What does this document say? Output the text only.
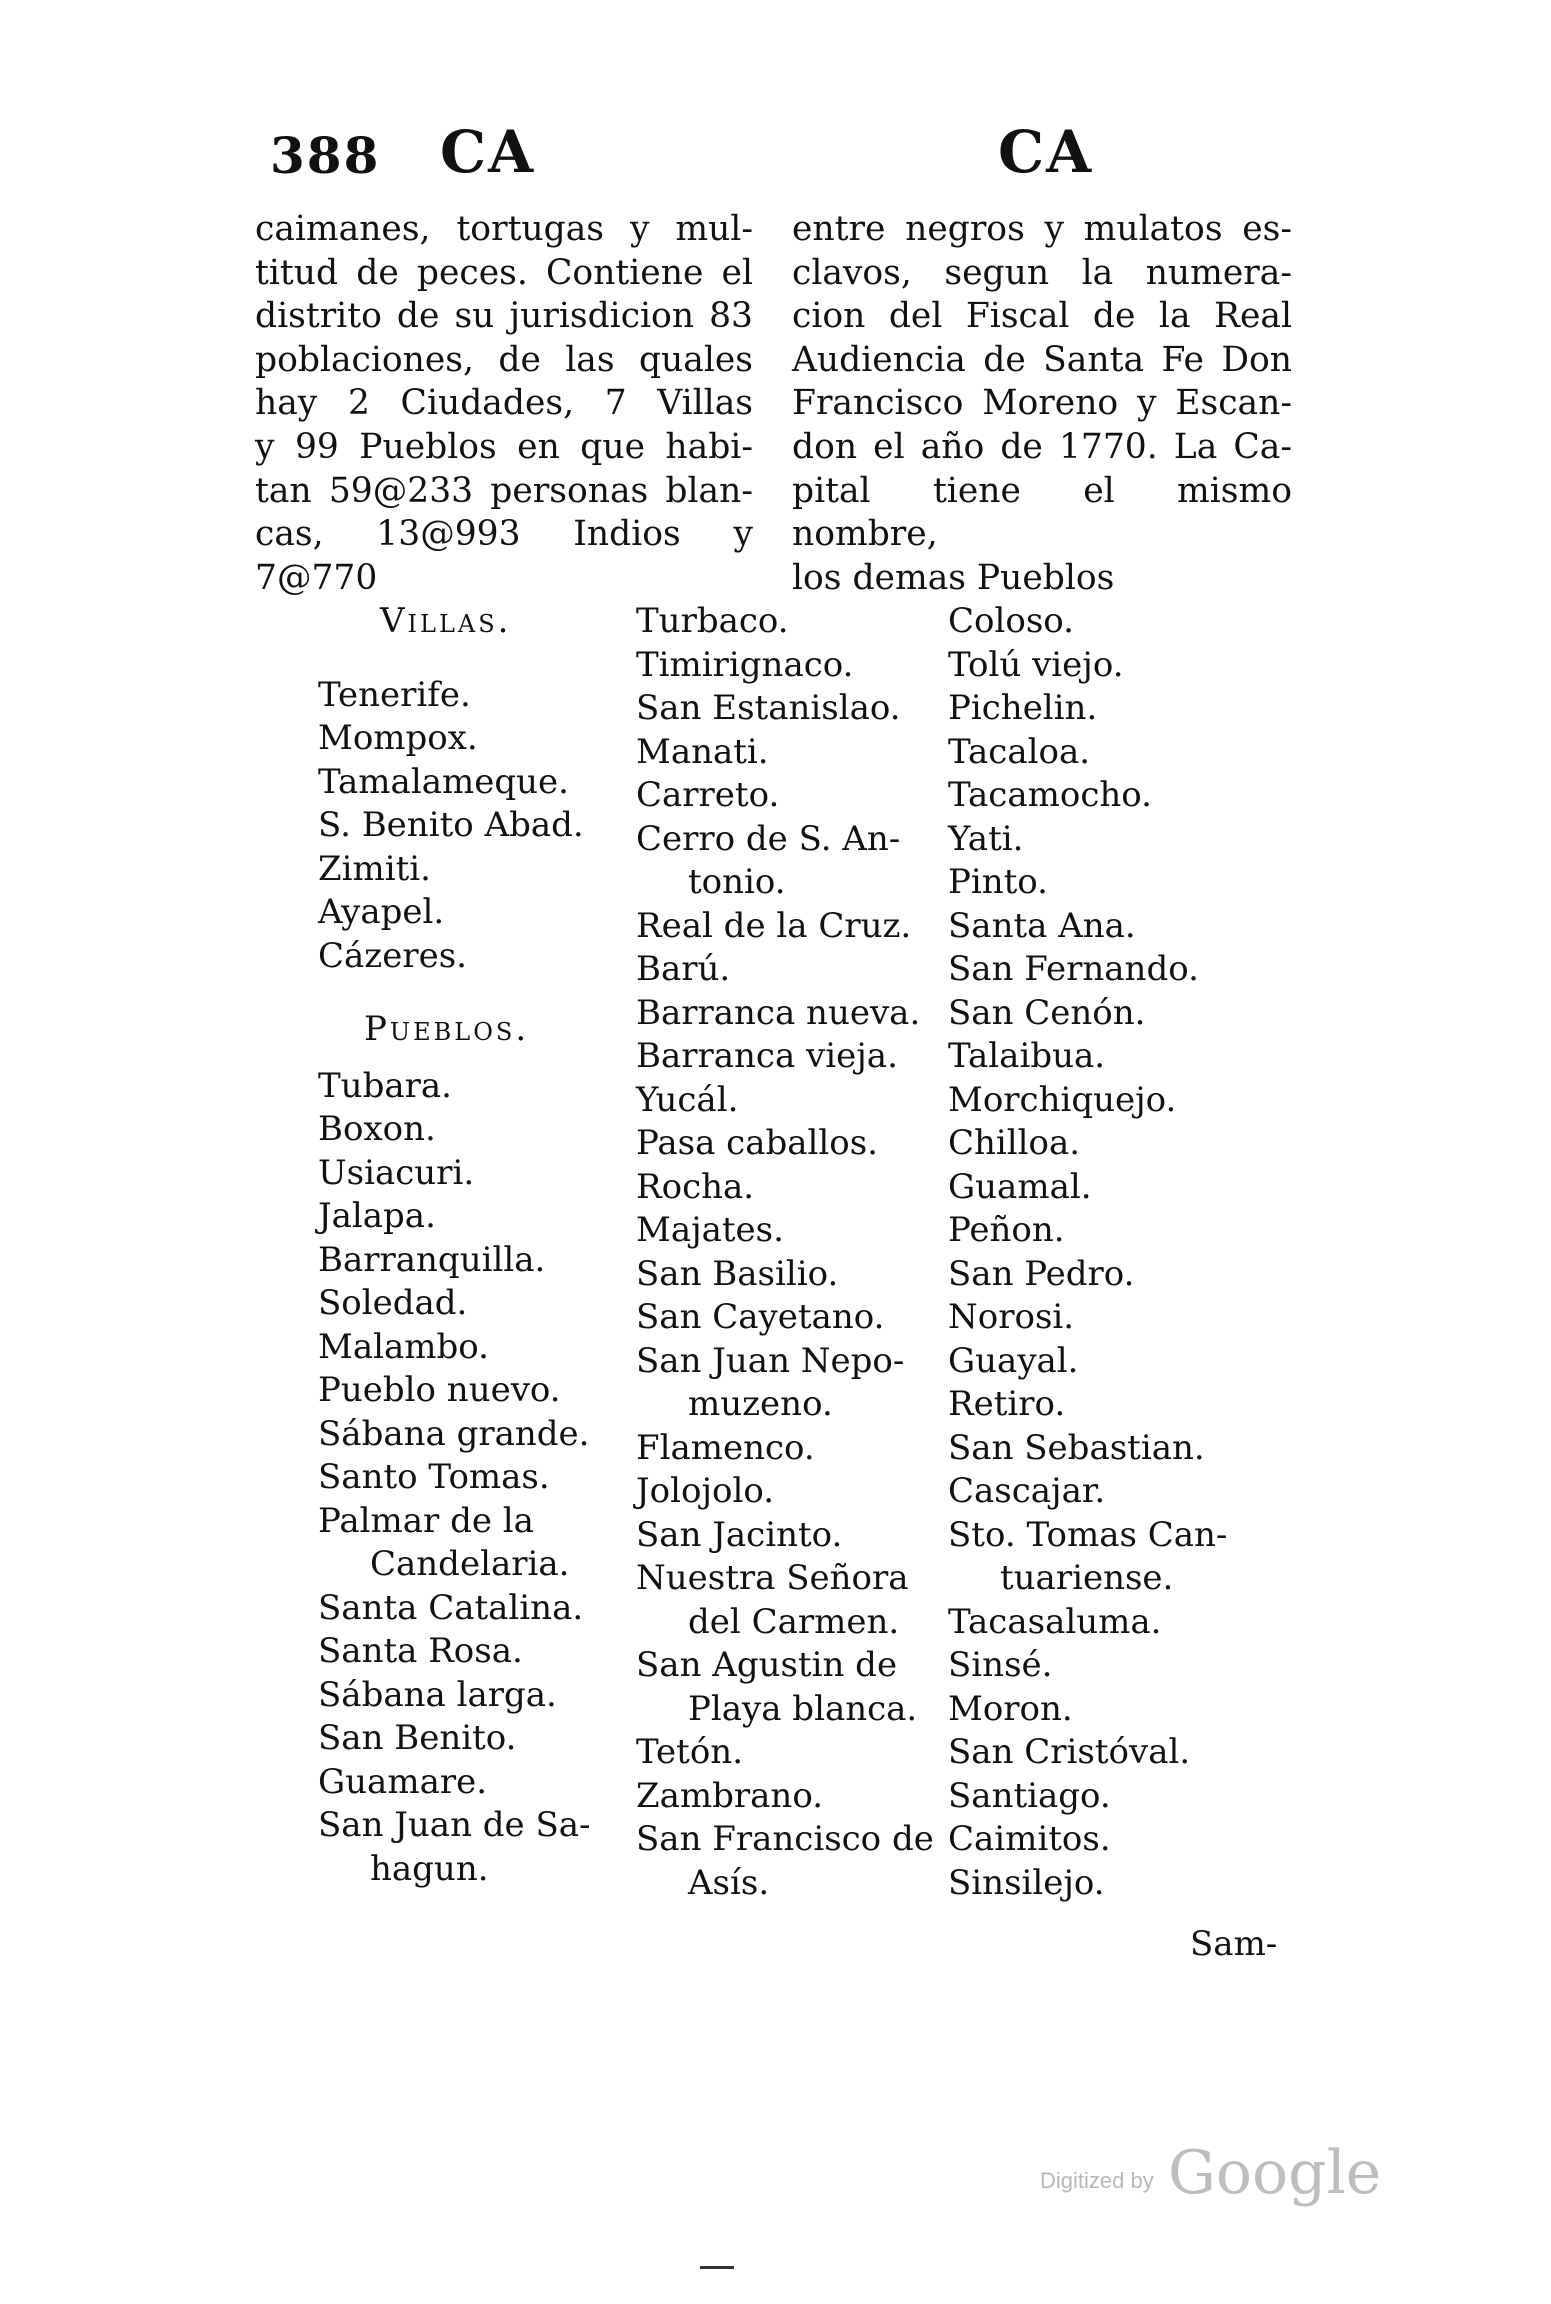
388 CA	CA
caimanes, tortugas y mul-
titud de peces. Contiene el
distrito de su jurisdicion 83
poblaciones, de las quales
hay 2 Ciudades, 7 Villas
y 99 Pueblos en que habi-
tan 59@233 personas blan-
cas, 13@993 Indios y 7@770
entre negros y mulatos es-
clavos, segun la numera-
cion del Fiscal de la Real
Audiencia de Santa Fe Don
Francisco Moreno y Escan-
don el año de 1770. La Ca-
pital tiene el mismo nombre,
los demas Pueblos
Villas.
Tenerife.
Mompox.
Tamalameque.
S. Benito Abad.
Zimiti.
Ayapel.
Cázeres.
Pueblos.
Tubara.
Boxon.
Usiacuri.
Jalapa.
Barranquilla.
Soledad.
Malambo.
Pueblo nuevo.
Sábana grande.
Santo Tomas.
Palmar de la
Candelaria.
Santa Catalina.
Santa Rosa.
Sábana larga.
San Benito.
Guamare.
San Juan de Sa-
hagun.
Turbaco.
Timirignaco.
San Estanislao.
Manati.
Carreto.
Cerro de S. An-
tonio.
Real de la Cruz.
Barú.
Barranca nueva.
Barranca vieja.
Yucál.
Pasa caballos.
Rocha.
Majates.
San Basilio.
San Cayetano.
San Juan Nepo-
muzeno.
Flamenco.
Jolojolo.
San Jacinto.
Nuestra Señora
del Carmen.
San Agustin de
Playa blanca.
Tetón.
Zambrano.
San Francisco de
Asís.
Coloso.
Tolú viejo.
Pichelin.
Tacaloa.
Tacamocho.
Yati.
Pinto.
Santa Ana.
San Fernando.
San Cenón.
Talaibua.
Morchiquejo.
Chilloa.
Guamal.
Peñon.
San Pedro.
Norosi.
Guayal.
Retiro.
San Sebastian.
Cascajar.
Sto. Tomas Can-
tuariense.
Tacasaluma.
Sinsé.
Moron.
San Cristóval.
Santiago.
Caimitos.
Sinsilejo.
Sam-
Digitized by Google
